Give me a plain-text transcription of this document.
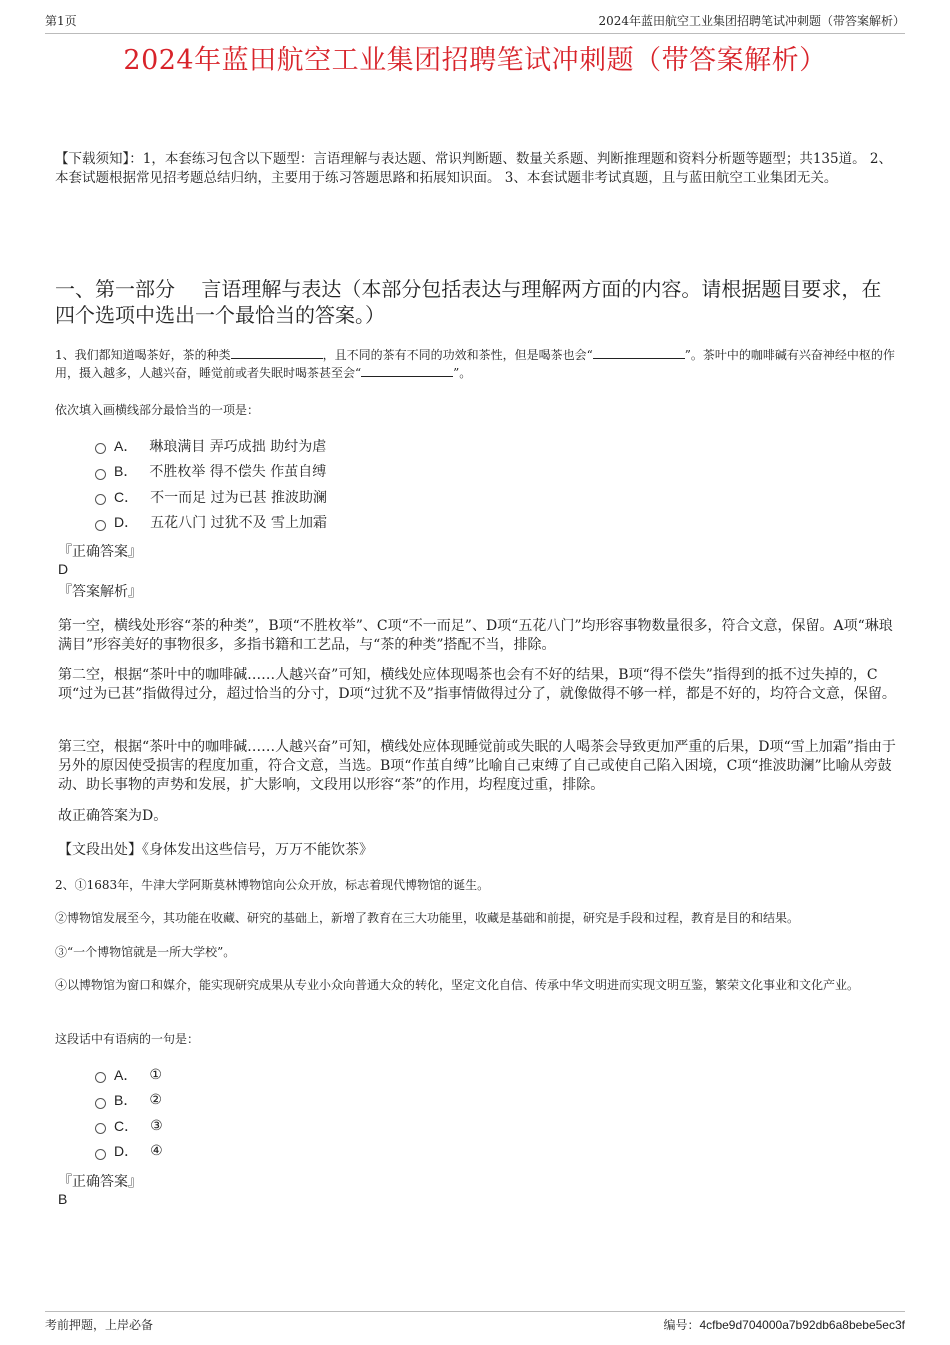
第1页	2024年蓝田航空工业集团招聘笔试冲刺题（带答案解析）
2024年蓝田航空工业集团招聘笔试冲刺题（带答案解析）

【下载须知】：1，本套练习包含以下题型：言语理解与表达题、常识判断题、数量关系题、判断推理题和资料分析题等题型；共135道。 2、本套试题根据常见招考题总结归纳，主要用于练习答题思路和拓展知识面。 3、本套试题非考试真题，且与蓝田航空工业集团无关。

一、第一部分　 言语理解与表达（本部分包括表达与理解两方面的内容。请根据题目要求，在四个选项中选出一个最恰当的答案。）

1、我们都知道喝茶好，茶的种类	，且不同的茶有不同的功效和茶性，但是喝茶也会“	”。茶叶中的咖啡碱有兴奋神经中枢的作用，摄入越多，人越兴奋，睡觉前或者失眠时喝茶甚至会“	”。

依次填入画横线部分最恰当的一项是：

A． 琳琅满目 弄巧成拙 助纣为虐
B． 不胜枚举 得不偿失 作茧自缚
C． 不一而足 过为已甚 推波助澜
D． 五花八门 过犹不及 雪上加霜

『正确答案』

D

『答案解析』

第一空，横线处形容“茶的种类”，B项“不胜枚举”、C项“不一而足”、D项“五花八门”均形容事物数量很多，符合文意，保留。A项“琳琅满目”形容美好的事物很多，多指书籍和工艺品，与“茶的种类”搭配不当，排除。

第二空，根据“茶叶中的咖啡碱……人越兴奋”可知，横线处应体现喝茶也会有不好的结果，B项“得不偿失”指得到的抵不过失掉的，C项“过为已甚”指做得过分，超过恰当的分寸，D项“过犹不及”指事情做得过分了，就像做得不够一样，都是不好的，均符合文意，保留。

第三空，根据“茶叶中的咖啡碱……人越兴奋”可知，横线处应体现睡觉前或失眠的人喝茶会导致更加严重的后果，D项“雪上加霜”指由于另外的原因使受损害的程度加重，符合文意，当选。B项“作茧自缚”比喻自己束缚了自己或使自己陷入困境，C项“推波助澜”比喻从旁鼓动、助长事物的声势和发展，扩大影响，文段用以形容“茶”的作用，均程度过重，排除。

故正确答案为D。

【文段出处】《身体发出这些信号，万万不能饮茶》

2、①1683年，牛津大学阿斯莫林博物馆向公众开放，标志着现代博物馆的诞生。

②博物馆发展至今，其功能在收藏、研究的基础上，新增了教育在三大功能里，收藏是基础和前提，研究是手段和过程，教育是目的和结果。

③“一个博物馆就是一所大学校”。

④以博物馆为窗口和媒介，能实现研究成果从专业小众向普通大众的转化，坚定文化自信、传承中华文明进而实现文明互鉴，繁荣文化事业和文化产业。

这段话中有语病的一句是：

A． ①
B． ②
C． ③
D． ④

『正确答案』

B

考前押题，上岸必备	编号：4cfbe9d704000a7b92db6a8bebe5ec3f
